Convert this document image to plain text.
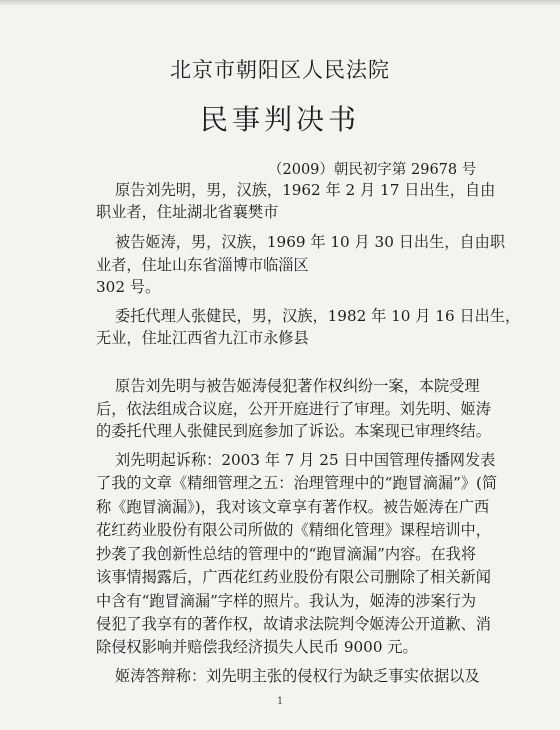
北京市朝阳区人民法院
民事判决书
（2009）朝民初字第 29678 号
原告刘先明，男，汉族，1962 年 2 月 17 日出生，自由
职业者，住址湖北省襄樊市
被告姬涛，男，汉族，1969 年 10 月 30 日出生，自由职
业者，住址山东省淄博市临淄区
302 号。
委托代理人张健民，男，汉族，1982 年 10 月 16 日出生，
无业，住址江西省九江市永修县
原告刘先明与被告姬涛侵犯著作权纠纷一案，本院受理
后，依法组成合议庭，公开开庭进行了审理。刘先明、姬涛
的委托代理人张健民到庭参加了诉讼。本案现已审理终结。
刘先明起诉称：2003 年 7 月 25 日中国管理传播网发表
了我的文章《精细管理之五：治理管理中的“跑冒滴漏”》(简
称《跑冒滴漏》)，我对该文章享有著作权。被告姬涛在广西
花红药业股份有限公司所做的《精细化管理》课程培训中，
抄袭了我创新性总结的管理中的“跑冒滴漏”内容。在我将
该事情揭露后，广西花红药业股份有限公司删除了相关新闻
中含有“跑冒滴漏”字样的照片。我认为，姬涛的涉案行为
侵犯了我享有的著作权，故请求法院判令姬涛公开道歉、消
除侵权影响并赔偿我经济损失人民币 9000 元。
姬涛答辩称：刘先明主张的侵权行为缺乏事实依据以及
1
